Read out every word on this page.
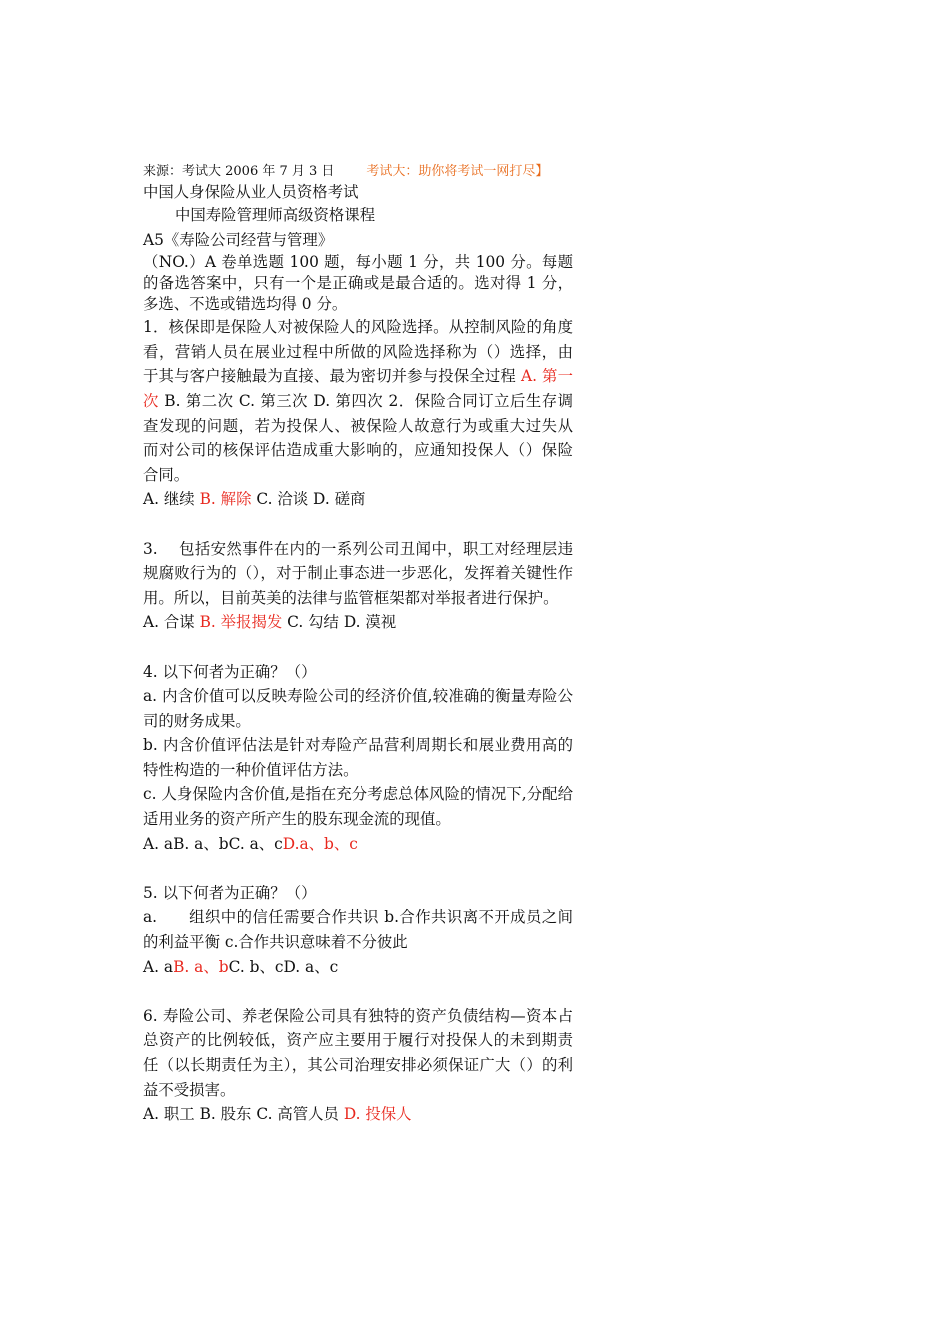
来源：考试大 2006 年 7 月 3 日 考试大：助你将考试一网打尽】

中国人身保险从业人员资格考试

中国寿险管理师高级资格课程

A5《寿险公司经营与管理》

（NO.）A 卷单选题 100 题，每小题 1 分，共 100 分。每题的备选答案中，只有一个是正确或是最合适的。选对得 1 分，多选、不选或错选均得 0 分。

1．核保即是保险人对被保险人的风险选择。从控制风险的角度看，营销人员在展业过程中所做的风险选择称为（）选择，由于其与客户接触最为直接、最为密切并参与投保全过程 A. 第一次 B. 第二次 C. 第三次 D. 第四次 2．保险合同订立后生存调查发现的问题，若为投保人、被保险人故意行为或重大过失从而对公司的核保评估造成重大影响的，应通知投保人（）保险合同。

A. 继续 B. 解除 C. 洽谈 D. 磋商

3.　 包括安然事件在内的一系列公司丑闻中，职工对经理层违规腐败行为的（），对于制止事态进一步恶化，发挥着关键性作用。所以，目前英美的法律与监管框架都对举报者进行保护。

A. 合谋 B. 举报揭发 C. 勾结 D. 漠视

4. 以下何者为正确？（）

a. 内含价值可以反映寿险公司的经济价值,较准确的衡量寿险公司的财务成果。

b. 内含价值评估法是针对寿险产品营利周期长和展业费用高的特性构造的一种价值评估方法。

c. 人身保险内含价值,是指在充分考虑总体风险的情况下,分配给适用业务的资产所产生的股东现金流的现值。

A. aB. a、bC. a、cD.a、b、c

5. 以下何者为正确？（）

a.　　组织中的信任需要合作共识 b.合作共识离不开成员之间的利益平衡 c.合作共识意味着不分彼此

A. aB. a、bC. b、cD. a、c

6. 寿险公司、养老保险公司具有独特的资产负债结构—资本占总资产的比例较低，资产应主要用于履行对投保人的未到期责任（以长期责任为主），其公司治理安排必须保证广大（）的利益不受损害。

A. 职工 B. 股东 C. 高管人员 D. 投保人
